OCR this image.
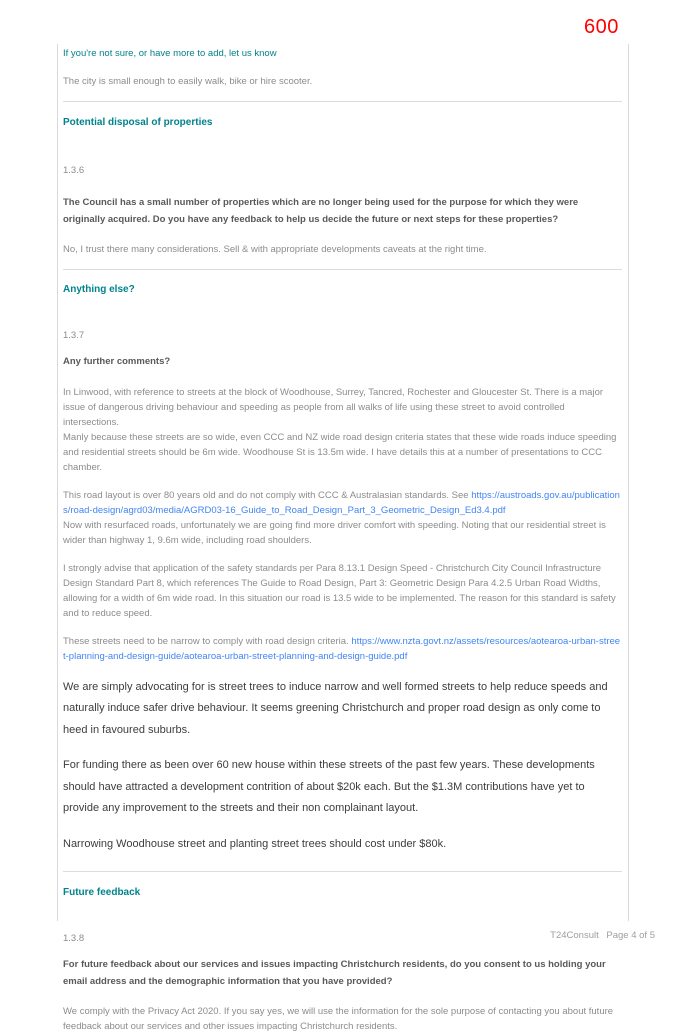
600
If you're not sure, or have more to add, let us know
The city is small enough to easily walk, bike or hire scooter.
Potential disposal of properties
1.3.6
The Council has a small number of properties which are no longer being used for the purpose for which they were originally acquired. Do you have any feedback to help us decide the future or next steps for these properties?
No, I trust there many considerations. Sell & with appropriate developments caveats at the right time.
Anything else?
1.3.7
Any further comments?
In Linwood, with reference to streets at the block of Woodhouse, Surrey, Tancred, Rochester and Gloucester St. There is a major issue of dangerous driving behaviour and speeding as people from all walks of life using these street to avoid controlled intersections.
Manly because these streets are so wide, even CCC and NZ wide road design criteria states that these wide roads induce speeding and residential streets should be 6m wide. Woodhouse St is 13.5m wide. I have details this at a number of presentations to CCC chamber.
This road layout is over 80 years old and do not comply with CCC & Australasian standards. See https://austroads.gov.au/publications/road-design/agrd03/media/AGRD03-16_Guide_to_Road_Design_Part_3_Geometric_Design_Ed3.4.pdf
Now with resurfaced roads, unfortunately we are going find more driver comfort with speeding. Noting that our residential street is wider than highway 1, 9.6m wide, including road shoulders.
I strongly advise that application of the safety standards per Para 8.13.1 Design Speed - Christchurch City Council Infrastructure Design Standard Part 8, which references The Guide to Road Design, Part 3: Geometric Design Para 4.2.5 Urban Road Widths, allowing for a width of 6m wide road. In this situation our road is 13.5 wide to be implemented. The reason for this standard is safety and to reduce speed.
These streets need to be narrow to comply with road design criteria. https://www.nzta.govt.nz/assets/resources/aotearoa-urban-street-planning-and-design-guide/aotearoa-urban-street-planning-and-design-guide.pdf
We are simply advocating for is street trees to induce narrow and well formed streets to help reduce speeds and naturally induce safer drive behaviour. It seems greening Christchurch and proper road design as only come to heed in favoured suburbs.
For funding there as been over 60 new house within these streets of the past few years. These developments should have attracted a development contrition of about $20k each. But the $1.3M contributions have yet to provide any improvement to the streets and their non complainant layout.
Narrowing Woodhouse street and planting street trees should cost under $80k.
Future feedback
1.3.8
For future feedback about our services and issues impacting Christchurch residents, do you consent to us holding your email address and the demographic information that you have provided?
We comply with the Privacy Act 2020. If you say yes, we will use the information for the sole purpose of contacting you about future feedback about our services and other issues impacting Christchurch residents.
T24Consult Page 4 of 5
